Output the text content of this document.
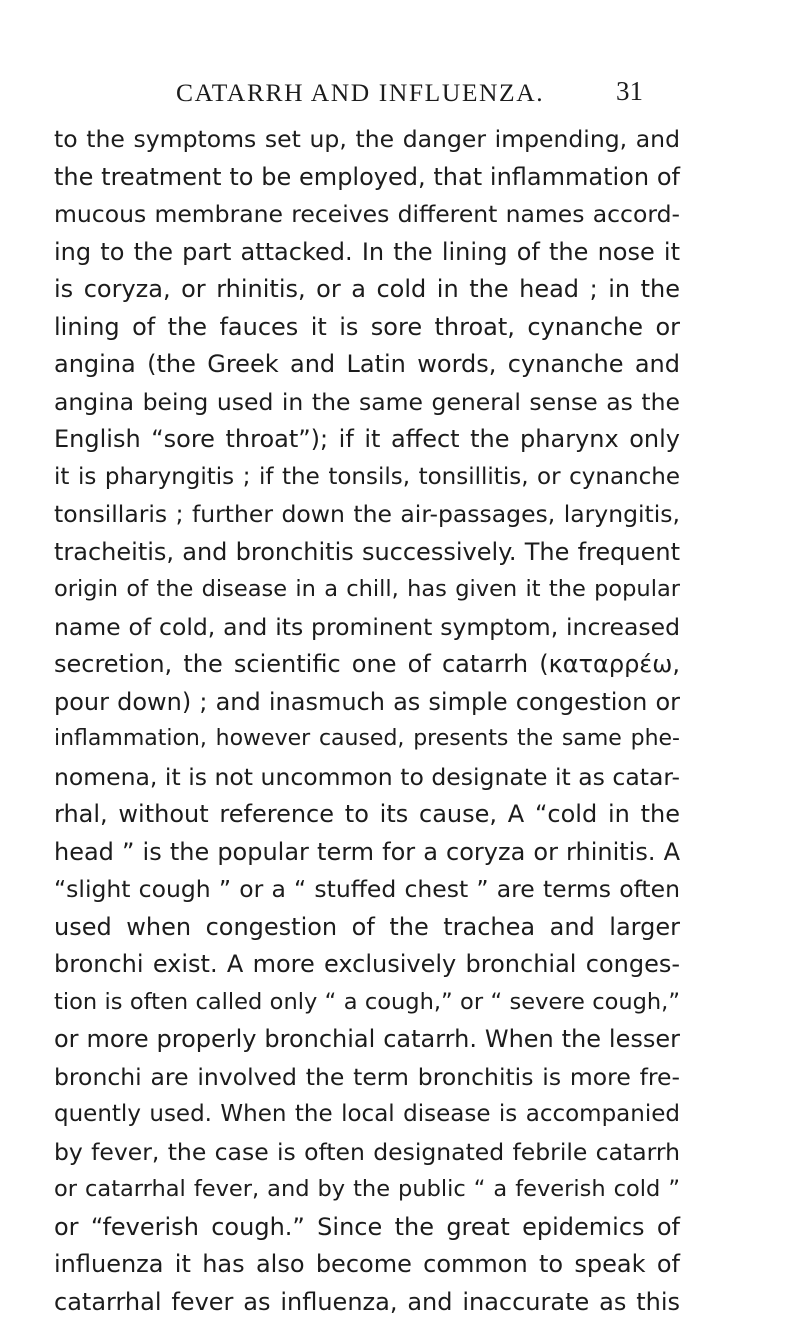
CATARRH AND INFLUENZA.	31
to the symptoms set up, the danger impending, and
the treatment to be employed, that inflammation of
mucous membrane receives different names accord-
ing to the part attacked. In the lining of the nose it
is coryza, or rhinitis, or a cold in the head ; in the
lining of the fauces it is sore throat, cynanche or
angina (the Greek and Latin words, cynanche and
angina being used in the same general sense as the
English “sore throat”); if it affect the pharynx only
it is pharyngitis ; if the tonsils, tonsillitis, or cynanche
tonsillaris ; further down the air-passages, laryngitis,
tracheitis, and bronchitis successively. The frequent
origin of the disease in a chill, has given it the popular
name of cold, and its prominent symptom, increased
secretion, the scientific one of catarrh (καταρρέω,
pour down) ; and inasmuch as simple congestion or
inflammation, however caused, presents the same phe-
nomena, it is not uncommon to designate it as catar-
rhal, without reference to its cause, A “cold in the
head ” is the popular term for a coryza or rhinitis. A
“slight cough ” or a “ stuffed chest ” are terms often
used when congestion of the trachea and larger
bronchi exist. A more exclusively bronchial conges-
tion is often called only “ a cough,” or “ severe cough,”
or more properly bronchial catarrh. When the lesser
bronchi are involved the term bronchitis is more fre-
quently used. When the local disease is accompanied
by fever, the case is often designated febrile catarrh
or catarrhal fever, and by the public “ a feverish cold ”
or “feverish cough.” Since the great epidemics of
influenza it has also become common to speak of
catarrhal fever as influenza, and inaccurate as this
